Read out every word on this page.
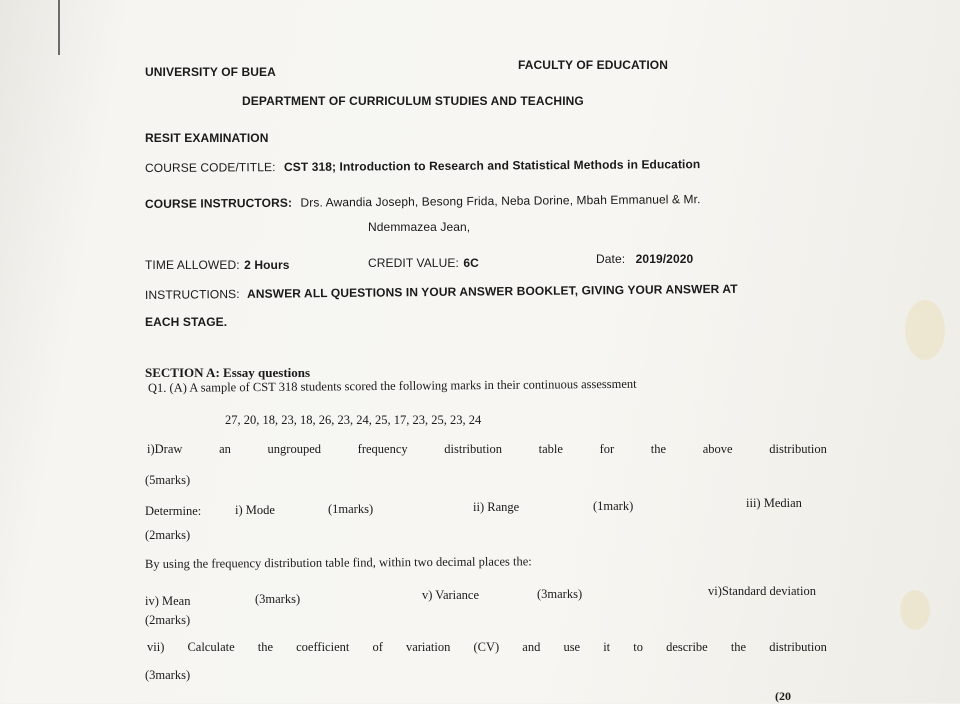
UNIVERSITY OF BUEA	FACULTY OF EDUCATION
DEPARTMENT OF CURRICULUM STUDIES AND TEACHING
RESIT EXAMINATION
COURSE CODE/TITLE: CST 318; Introduction to Research and Statistical Methods in Education
COURSE INSTRUCTORS: Drs. Awandia Joseph, Besong Frida, Neba Dorine, Mbah Emmanuel & Mr.
Ndemmazea Jean,
TIME ALLOWED: 2 Hours	CREDIT VALUE: 6C	Date: 2019/2020
INSTRUCTIONS: ANSWER ALL QUESTIONS IN YOUR ANSWER BOOKLET, GIVING YOUR ANSWER AT
EACH STAGE.
SECTION A: Essay questions
Q1. (A) A sample of CST 318 students scored the following marks in their continuous assessment
27, 20, 18, 23, 18, 26, 23, 24, 25, 17, 23, 25, 23, 24
i)Draw	an	ungrouped	frequency	distribution	table	for	the	above	distribution
(5marks)
Determine:	i) Mode	(1marks)	ii) Range	(1mark)	iii) Median
(2marks)
By using the frequency distribution table find, within two decimal places the:
iv) Mean	(3marks)	v) Variance	(3marks)	vi)Standard deviation
(2marks)
vii) Calculate the coefficient of variation (CV) and use it to describe the distribution
(3marks)
(20
